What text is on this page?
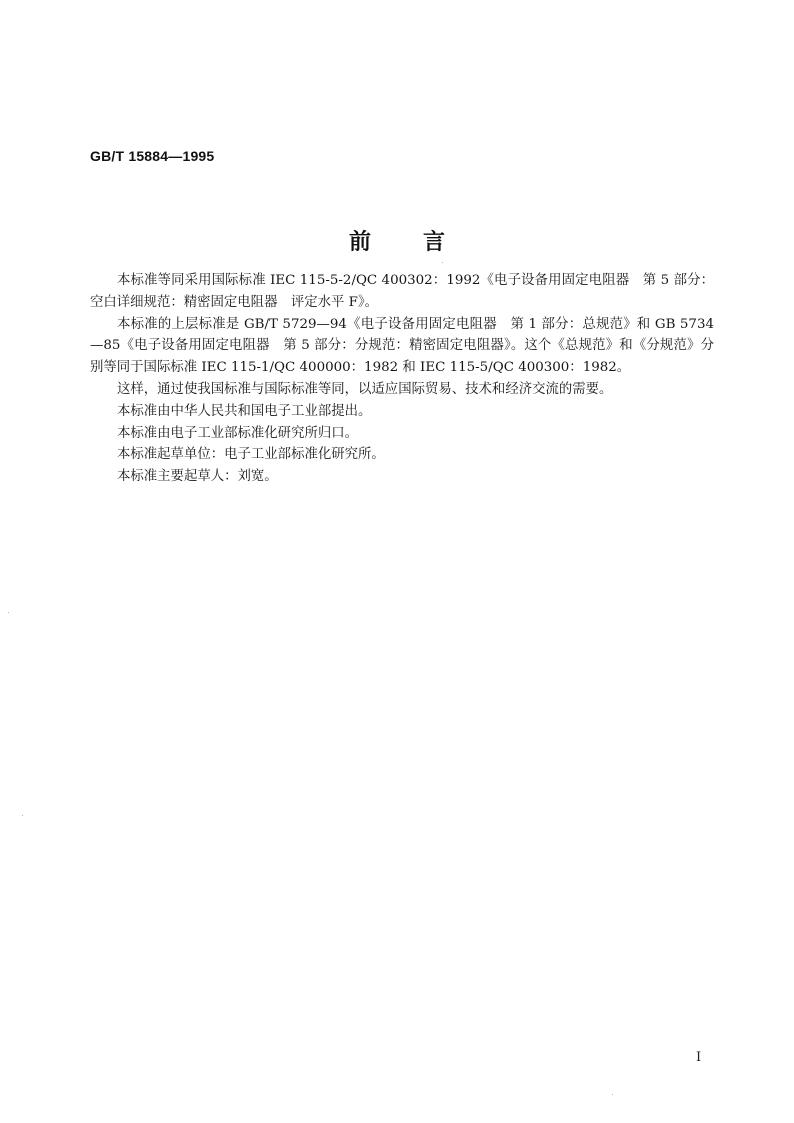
GB/T 15884—1995
前言

本标准等同采用国际标准 IEC 115-5-2/QC 400302：1992《电子设备用固定电阻器　第 5 部分：空白详细规范：精密固定电阻器　评定水平 F》。

本标准的上层标准是 GB/T 5729—94《电子设备用固定电阻器　第 1 部分：总规范》和 GB 5734—85《电子设备用固定电阻器　第 5 部分：分规范：精密固定电阻器》。这个《总规范》和《分规范》分别等同于国际标准 IEC 115-1/QC 400000：1982 和 IEC 115-5/QC 400300：1982。

这样，通过使我国标准与国际标准等同，以适应国际贸易、技术和经济交流的需要。

本标准由中华人民共和国电子工业部提出。

本标准由电子工业部标准化研究所归口。

本标准起草单位：电子工业部标准化研究所。

本标准主要起草人：刘宽。

I
